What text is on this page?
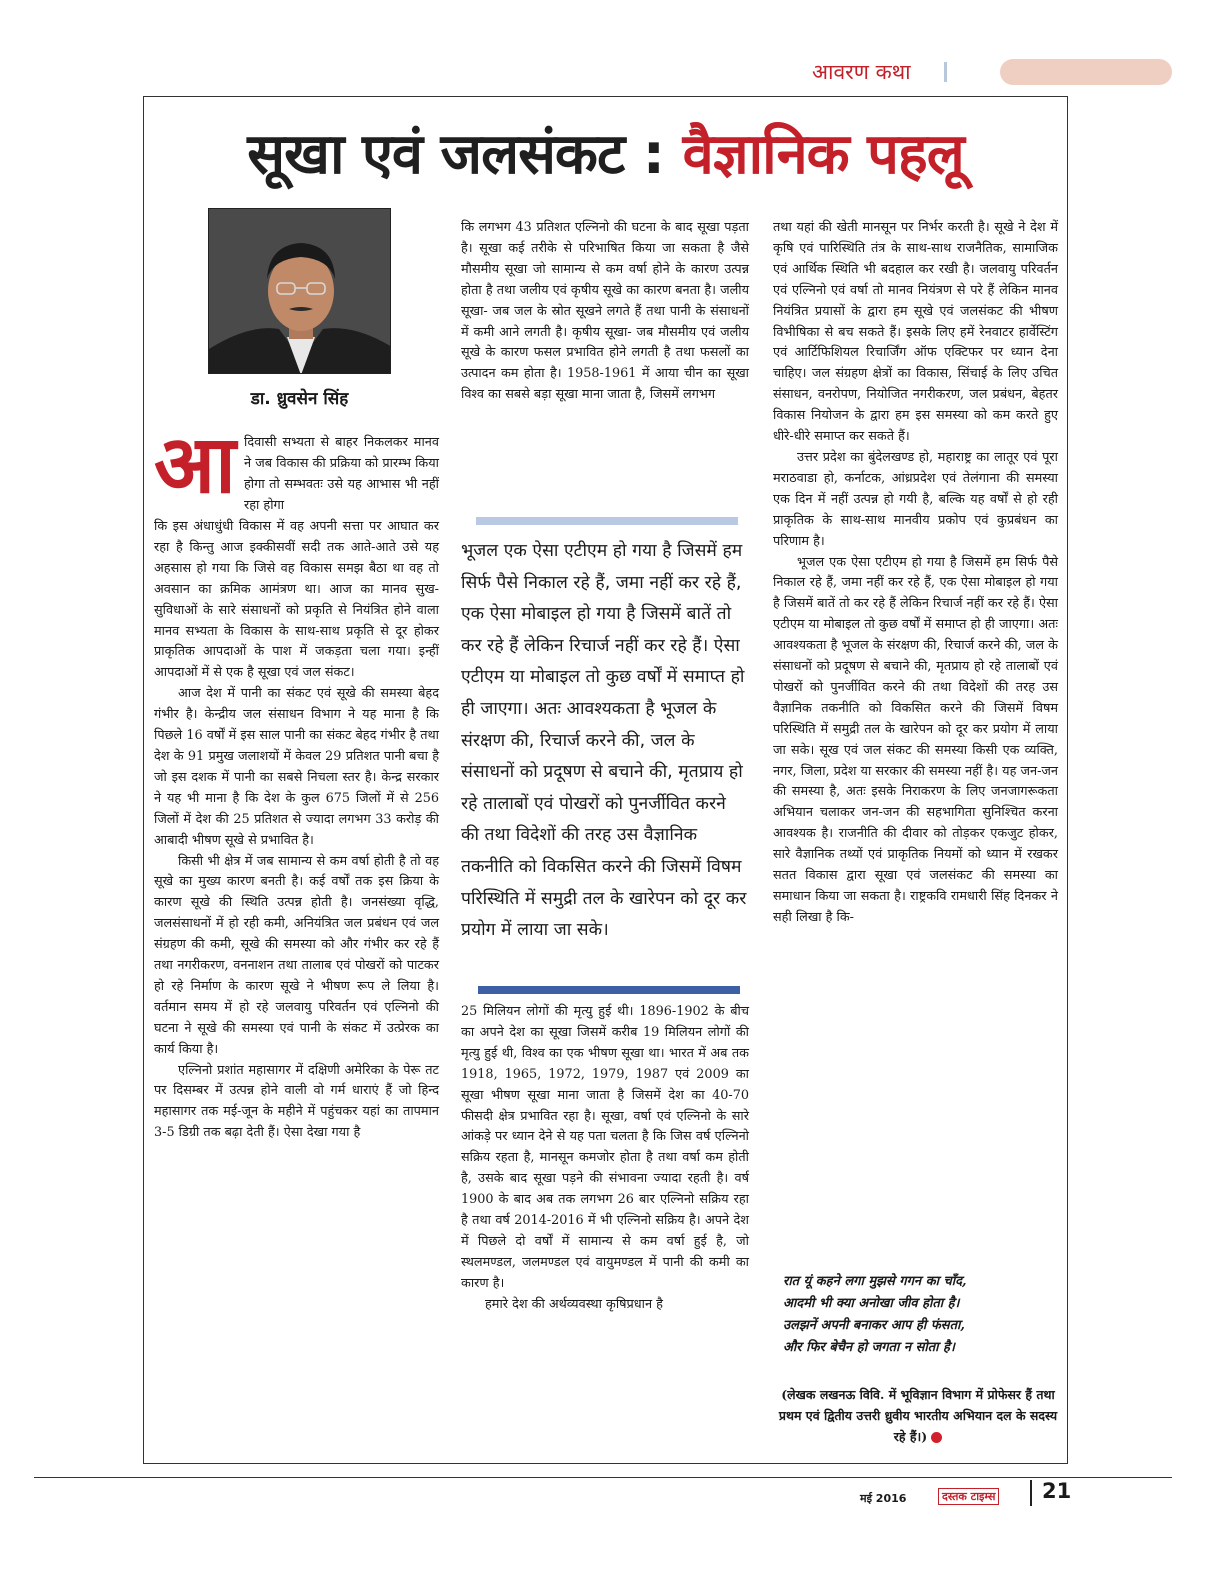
आवरण कथा
सूखा एवं जलसंकट : वैज्ञानिक पहलू
डा. ध्रुवसेन सिंह
आ दिवासी सभ्यता से बाहर निकलकर मानव ने जब विकास की प्रक्रिया को प्रारम्भ किया होगा तो सम्भवतः उसे यह आभास भी नहीं रहा होगा

कि इस अंधाधुंधी विकास में वह अपनी सत्ता पर आघात कर रहा है किन्तु आज इक्कीसवीं सदी तक आते-आते उसे यह अहसास हो गया कि जिसे वह विकास समझ बैठा था वह तो अवसान का क्रमिक आमंत्रण था। आज का मानव सुख-सुविधाओं के सारे संसाधनों को प्रकृति से नियंत्रित होने वाला मानव सभ्यता के विकास के साथ-साथ प्रकृति से दूर होकर प्राकृतिक आपदाओं के पाश में जकड़ता चला गया। इन्हीं आपदाओं में से एक है सूखा एवं जल संकट।

आज देश में पानी का संकट एवं सूखे की समस्या बेहद गंभीर है। केन्द्रीय जल संसाधन विभाग ने यह माना है कि पिछले 16 वर्षों में इस साल पानी का संकट बेहद गंभीर है तथा देश के 91 प्रमुख जलाशयों में केवल 29 प्रतिशत पानी बचा है जो इस दशक में पानी का सबसे निचला स्तर है। केन्द्र सरकार ने यह भी माना है कि देश के कुल 675 जिलों में से 256 जिलों में देश की 25 प्रतिशत से ज्यादा लगभग 33 करोड़ की आबादी भीषण सूखे से प्रभावित है।

किसी भी क्षेत्र में जब सामान्य से कम वर्षा होती है तो वह सूखे का मुख्य कारण बनती है। कई वर्षों तक इस क्रिया के कारण सूखे की स्थिति उत्पन्न होती है। जनसंख्या वृद्धि, जलसंसाधनों में हो रही कमी, अनियंत्रित जल प्रबंधन एवं जल संग्रहण की कमी, सूखे की समस्या को और गंभीर कर रहे हैं तथा नगरीकरण, वननाशन तथा तालाब एवं पोखरों को पाटकर हो रहे निर्माण के कारण सूखे ने भीषण रूप ले लिया है। वर्तमान समय में हो रहे जलवायु परिवर्तन एवं एल्निनो की घटना ने सूखे की समस्या एवं पानी के संकट में उत्प्रेरक का कार्य किया है।

एल्निनो प्रशांत महासागर में दक्षिणी अमेरिका के पेरू तट पर दिसम्बर में उत्पन्न होने वाली वो गर्म धाराएं हैं जो हिन्द महासागर तक मई-जून के महीने में पहुंचकर यहां का तापमान 3-5 डिग्री तक बढ़ा देती हैं। ऐसा देखा गया है

कि लगभग 43 प्रतिशत एल्निनो की घटना के बाद सूखा पड़ता है। सूखा कई तरीके से परिभाषित किया जा सकता है जैसे मौसमीय सूखा जो सामान्य से कम वर्षा होने के कारण उत्पन्न होता है तथा जलीय एवं कृषीय सूखे का कारण बनता है। जलीय सूखा- जब जल के स्रोत सूखने लगते हैं तथा पानी के संसाधनों में कमी आने लगती है। कृषीय सूखा- जब मौसमीय एवं जलीय सूखे के कारण फसल प्रभावित होने लगती है तथा फसलों का उत्पादन कम होता है। 1958-1961 में आया चीन का सूखा विश्व का सबसे बड़ा सूखा माना जाता है, जिसमें लगभग

भूजल एक ऐसा एटीएम हो गया है जिसमें हम सिर्फ पैसे निकाल रहे हैं, जमा नहीं कर रहे हैं, एक ऐसा मोबाइल हो गया है जिसमें बातें तो कर रहे हैं लेकिन रिचार्ज नहीं कर रहे हैं। ऐसा एटीएम या मोबाइल तो कुछ वर्षों में समाप्त हो ही जाएगा। अतः आवश्यकता है भूजल के संरक्षण की, रिचार्ज करने की, जल के संसाधनों को प्रदूषण से बचाने की, मृतप्राय हो रहे तालाबों एवं पोखरों को पुनर्जीवित करने की तथा विदेशों की तरह उस वैज्ञानिक तकनीति को विकसित करने की जिसमें विषम परिस्थिति में समुद्री तल के खारेपन को दूर कर प्रयोग में लाया जा सके।

25 मिलियन लोगों की मृत्यु हुई थी। 1896-1902 के बीच का अपने देश का सूखा जिसमें करीब 19 मिलियन लोगों की मृत्यु हुई थी, विश्व का एक भीषण सूखा था। भारत में अब तक 1918, 1965, 1972, 1979, 1987 एवं 2009 का सूखा भीषण सूखा माना जाता है जिसमें देश का 40-70 फीसदी क्षेत्र प्रभावित रहा है। सूखा, वर्षा एवं एल्निनो के सारे आंकड़े पर ध्यान देने से यह पता चलता है कि जिस वर्ष एल्निनो सक्रिय रहता है, मानसून कमजोर होता है तथा वर्षा कम होती है, उसके बाद सूखा पड़ने की संभावना ज्यादा रहती है। वर्ष 1900 के बाद अब तक लगभग 26 बार एल्निनो सक्रिय रहा है तथा वर्ष 2014-2016 में भी एल्निनो सक्रिय है। अपने देश में पिछले दो वर्षों में सामान्य से कम वर्षा हुई है, जो स्थलमण्डल, जलमण्डल एवं वायुमण्डल में पानी की कमी का कारण है।

हमारे देश की अर्थव्यवस्था कृषिप्रधान है

तथा यहां की खेती मानसून पर निर्भर करती है। सूखे ने देश में कृषि एवं पारिस्थिति तंत्र के साथ-साथ राजनैतिक, सामाजिक एवं आर्थिक स्थिति भी बदहाल कर रखी है। जलवायु परिवर्तन एवं एल्निनो एवं वर्षा तो मानव नियंत्रण से परे हैं लेकिन मानव नियंत्रित प्रयासों के द्वारा हम सूखे एवं जलसंकट की भीषण विभीषिका से बच सकते हैं। इसके लिए हमें रेनवाटर हार्वेस्टिंग एवं आर्टिफिशियल रिचार्जिंग ऑफ एक्टिफर पर ध्यान देना चाहिए। जल संग्रहण क्षेत्रों का विकास, सिंचाई के लिए उचित संसाधन, वनरोपण, नियोजित नगरीकरण, जल प्रबंधन, बेहतर विकास नियोजन के द्वारा हम इस समस्या को कम करते हुए धीरे-धीरे समाप्त कर सकते हैं।

उत्तर प्रदेश का बुंदेलखण्ड हो, महाराष्ट्र का लातूर एवं पूरा मराठवाडा हो, कर्नाटक, आंध्रप्रदेश एवं तेलंगाना की समस्या एक दिन में नहीं उत्पन्न हो गयी है, बल्कि यह वर्षों से हो रही प्राकृतिक के साथ-साथ मानवीय प्रकोप एवं कुप्रबंधन का परिणाम है।

भूजल एक ऐसा एटीएम हो गया है जिसमें हम सिर्फ पैसे निकाल रहे हैं, जमा नहीं कर रहे हैं, एक ऐसा मोबाइल हो गया है जिसमें बातें तो कर रहे हैं लेकिन रिचार्ज नहीं कर रहे हैं। ऐसा एटीएम या मोबाइल तो कुछ वर्षों में समाप्त हो ही जाएगा। अतः आवश्यकता है भूजल के संरक्षण की, रिचार्ज करने की, जल के संसाधनों को प्रदूषण से बचाने की, मृतप्राय हो रहे तालाबों एवं पोखरों को पुनर्जीवित करने की तथा विदेशों की तरह उस वैज्ञानिक तकनीति को विकसित करने की जिसमें विषम परिस्थिति में समुद्री तल के खारेपन को दूर कर प्रयोग में लाया जा सके। सूख एवं जल संकट की समस्या किसी एक व्यक्ति, नगर, जिला, प्रदेश या सरकार की समस्या नहीं है। यह जन-जन की समस्या है, अतः इसके निराकरण के लिए जनजागरूकता अभियान चलाकर जन-जन की सहभागिता सुनिश्चित करना आवश्यक है। राजनीति की दीवार को तोड़कर एकजुट होकर, सारे वैज्ञानिक तथ्यों एवं प्राकृतिक नियमों को ध्यान में रखकर सतत विकास द्वारा सूखा एवं जलसंकट की समस्या का समाधान किया जा सकता है। राष्ट्रकवि रामधारी सिंह दिनकर ने सही लिखा है कि-

रात यूं कहने लगा मुझसे गगन का चाँद,
आदमी भी क्या अनोखा जीव होता है।
उलझनें अपनी बनाकर आप ही फंसता,
और फिर बेचैन हो जगता न सोता है।
(लेखक लखनऊ विवि. में भूविज्ञान विभाग में प्रोफेसर हैं तथा प्रथम एवं द्वितीय उत्तरी ध्रुवीय भारतीय अभियान दल के सदस्य रहे हैं।)
मई 2016	दस्तक टाइम्स 21
